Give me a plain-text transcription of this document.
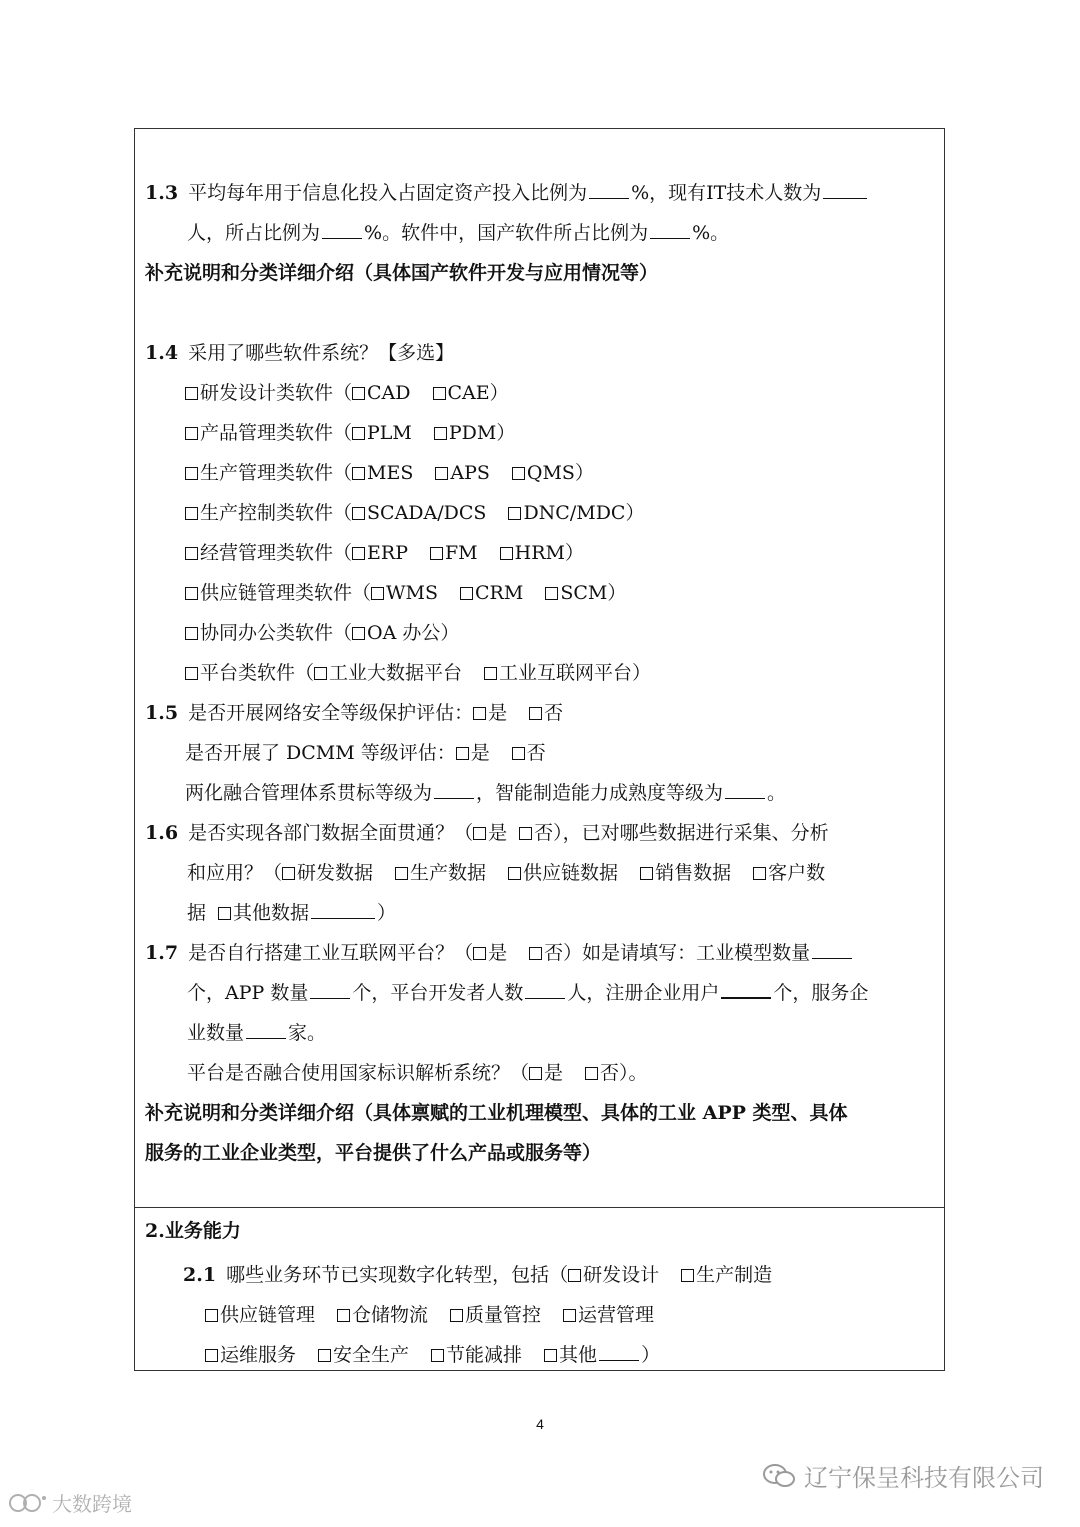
1.3 平均每年用于信息化投入占固定资产投入比例为 %，现有IT技术人数为
人，所占比例为 %。软件中，国产软件所占比例为 %。
补充说明和分类详细介绍（具体国产软件开发与应用情况等）
1.4 采用了哪些软件系统？【多选】
研发设计类软件（ CAD CAE）
产品管理类软件（ PLM PDM）
生产管理类软件（ MES APS QMS）
生产控制类软件（ SCADA/DCS DNC/MDC）
经营管理类软件（ ERP FM HRM）
供应链管理类软件（ WMS CRM SCM）
协同办公类软件（ OA 办公）
平台类软件（ 工业大数据平台 工业互联网平台）
1.5 是否开展网络安全等级保护评估： 是 否
是否开展了 DCMM 等级评估： 是 否
两化融合管理体系贯标等级为 ，智能制造能力成熟度等级为 。
1.6 是否实现各部门数据全面贯通？（ 是 否），已对哪些数据进行采集、分析
和应用？（ 研发数据 生产数据 供应链数据 销售数据 客户数
据 其他数据	）
1.7 是否自行搭建工业互联网平台？（ 是 否）如是请填写：工业模型数量
个，APP 数量 个，平台开发者人数 人，注册企业用户	个，服务企
业数量 家。
平台是否融合使用国家标识解析系统？（ 是 否）。
补充说明和分类详细介绍（具体禀赋的工业机理模型、具体的工业 APP 类型、具体
服务的工业企业类型，平台提供了什么产品或服务等）
2.业务能力
2.1 哪些业务环节已实现数字化转型，包括（ 研发设计 生产制造
供应链管理 仓储物流 质量管控 运营管理
运维服务 安全生产 节能减排 其他 ）
4
辽宁保呈科技有限公司
大数跨境
